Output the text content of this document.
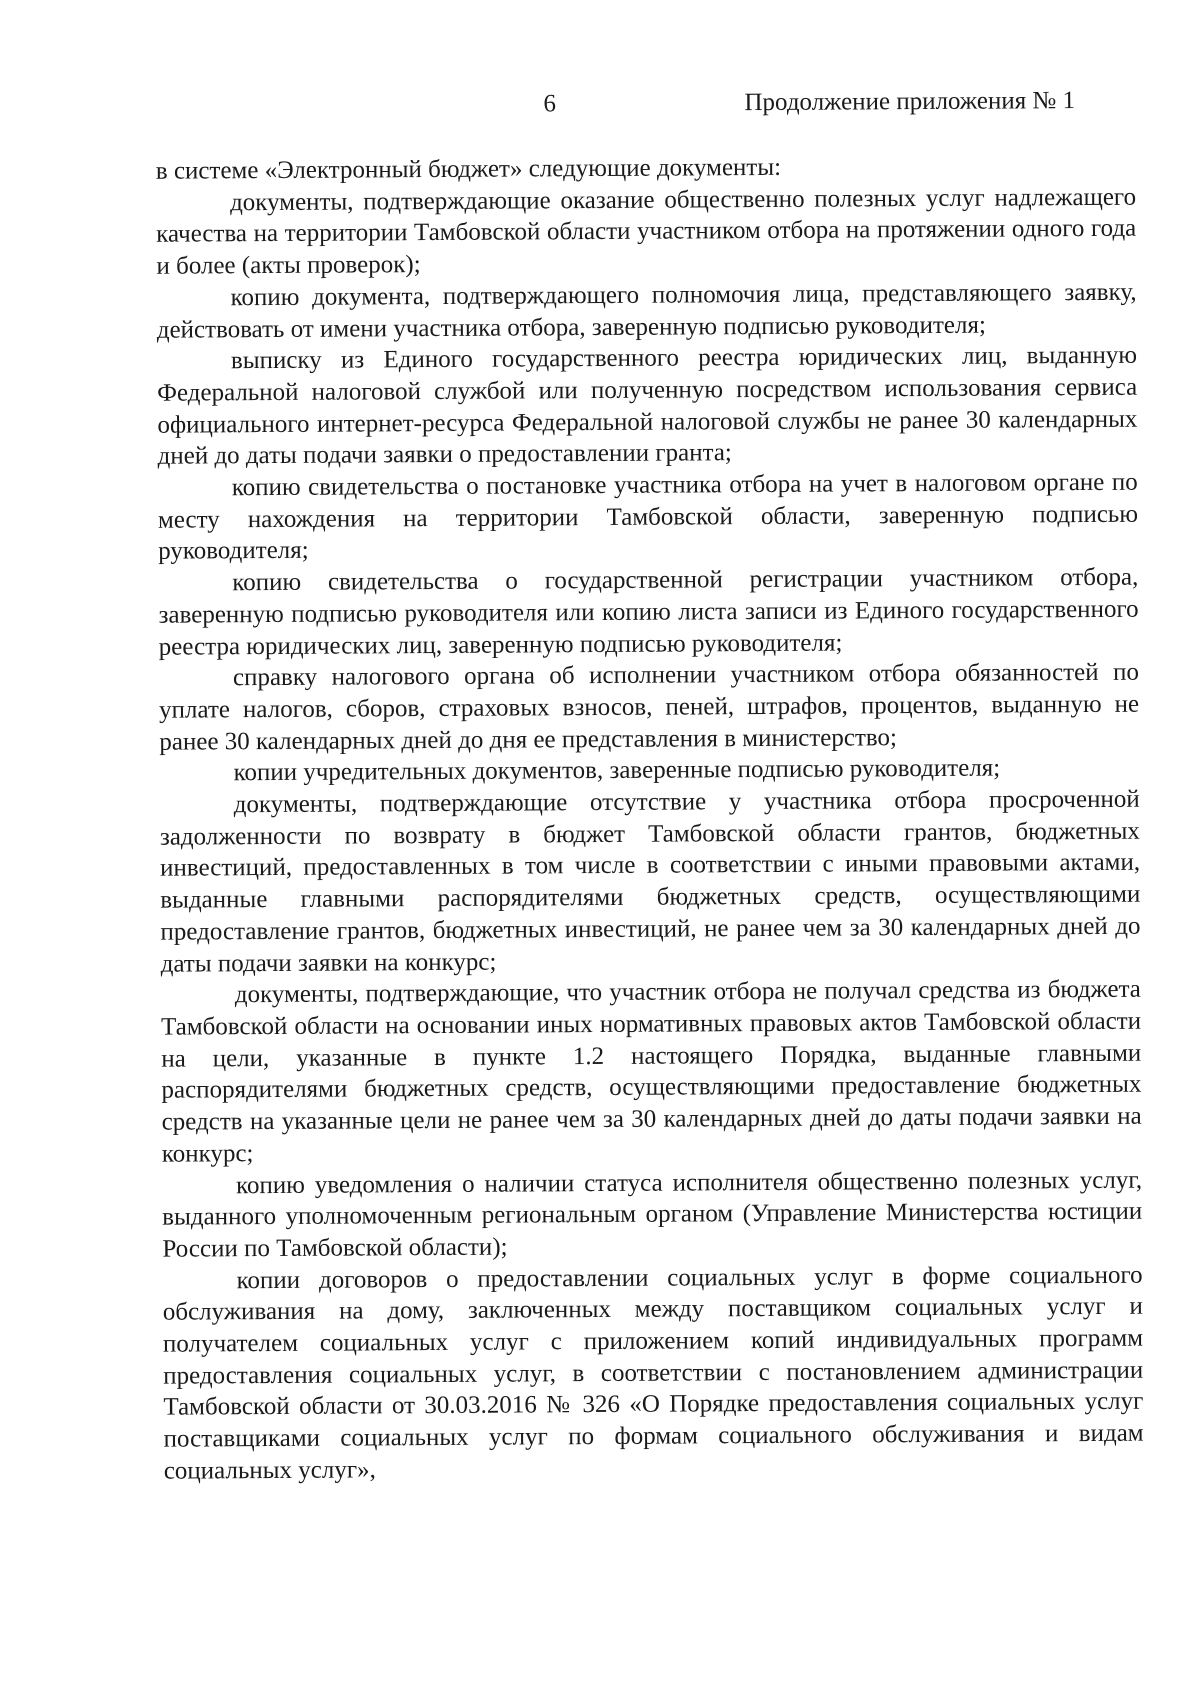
6	Продолжение приложения № 1

в системе «Электронный бюджет» следующие документы:

документы, подтверждающие оказание общественно полезных услуг надлежащего качества на территории Тамбовской области участником отбора на протяжении одного года и более (акты проверок);

копию документа, подтверждающего полномочия лица, представляющего заявку, действовать от имени участника отбора, заверенную подписью руководителя;

выписку из Единого государственного реестра юридических лиц, выданную Федеральной налоговой службой или полученную посредством использования сервиса официального интернет-ресурса Федеральной налоговой службы не ранее 30 календарных дней до даты подачи заявки о предоставлении гранта;

копию свидетельства о постановке участника отбора на учет в налоговом органе по месту нахождения на территории Тамбовской области, заверенную подписью руководителя;

копию свидетельства о государственной регистрации участником отбора, заверенную подписью руководителя или копию листа записи из Единого государственного реестра юридических лиц, заверенную подписью руководителя;

справку налогового органа об исполнении участником отбора обязанностей по уплате налогов, сборов, страховых взносов, пеней, штрафов, процентов, выданную не ранее 30 календарных дней до дня ее представления в министерство;

копии учредительных документов, заверенные подписью руководителя;

документы, подтверждающие отсутствие у участника отбора просроченной задолженности по возврату в бюджет Тамбовской области грантов, бюджетных инвестиций, предоставленных в том числе в соответствии с иными правовыми актами, выданные главными распорядителями бюджетных средств, осуществляющими предоставление грантов, бюджетных инвестиций, не ранее чем за 30 календарных дней до даты подачи заявки на конкурс;

документы, подтверждающие, что участник отбора не получал средства из бюджета Тамбовской области на основании иных нормативных правовых актов Тамбовской области на цели, указанные в пункте 1.2 настоящего Порядка, выданные главными распорядителями бюджетных средств, осуществляющими предоставление бюджетных средств на указанные цели не ранее чем за 30 календарных дней до даты подачи заявки на конкурс;

копию уведомления о наличии статуса исполнителя общественно полезных услуг, выданного уполномоченным региональным органом (Управление Министерства юстиции России по Тамбовской области);

копии договоров о предоставлении социальных услуг в форме социального обслуживания на дому, заключенных между поставщиком социальных услуг и получателем социальных услуг с приложением копий индивидуальных программ предоставления социальных услуг, в соответствии с постановлением администрации Тамбовской области от 30.03.2016 № 326 «О Порядке предоставления социальных услуг поставщиками социальных услуг по формам социального обслуживания и видам социальных услуг»,
